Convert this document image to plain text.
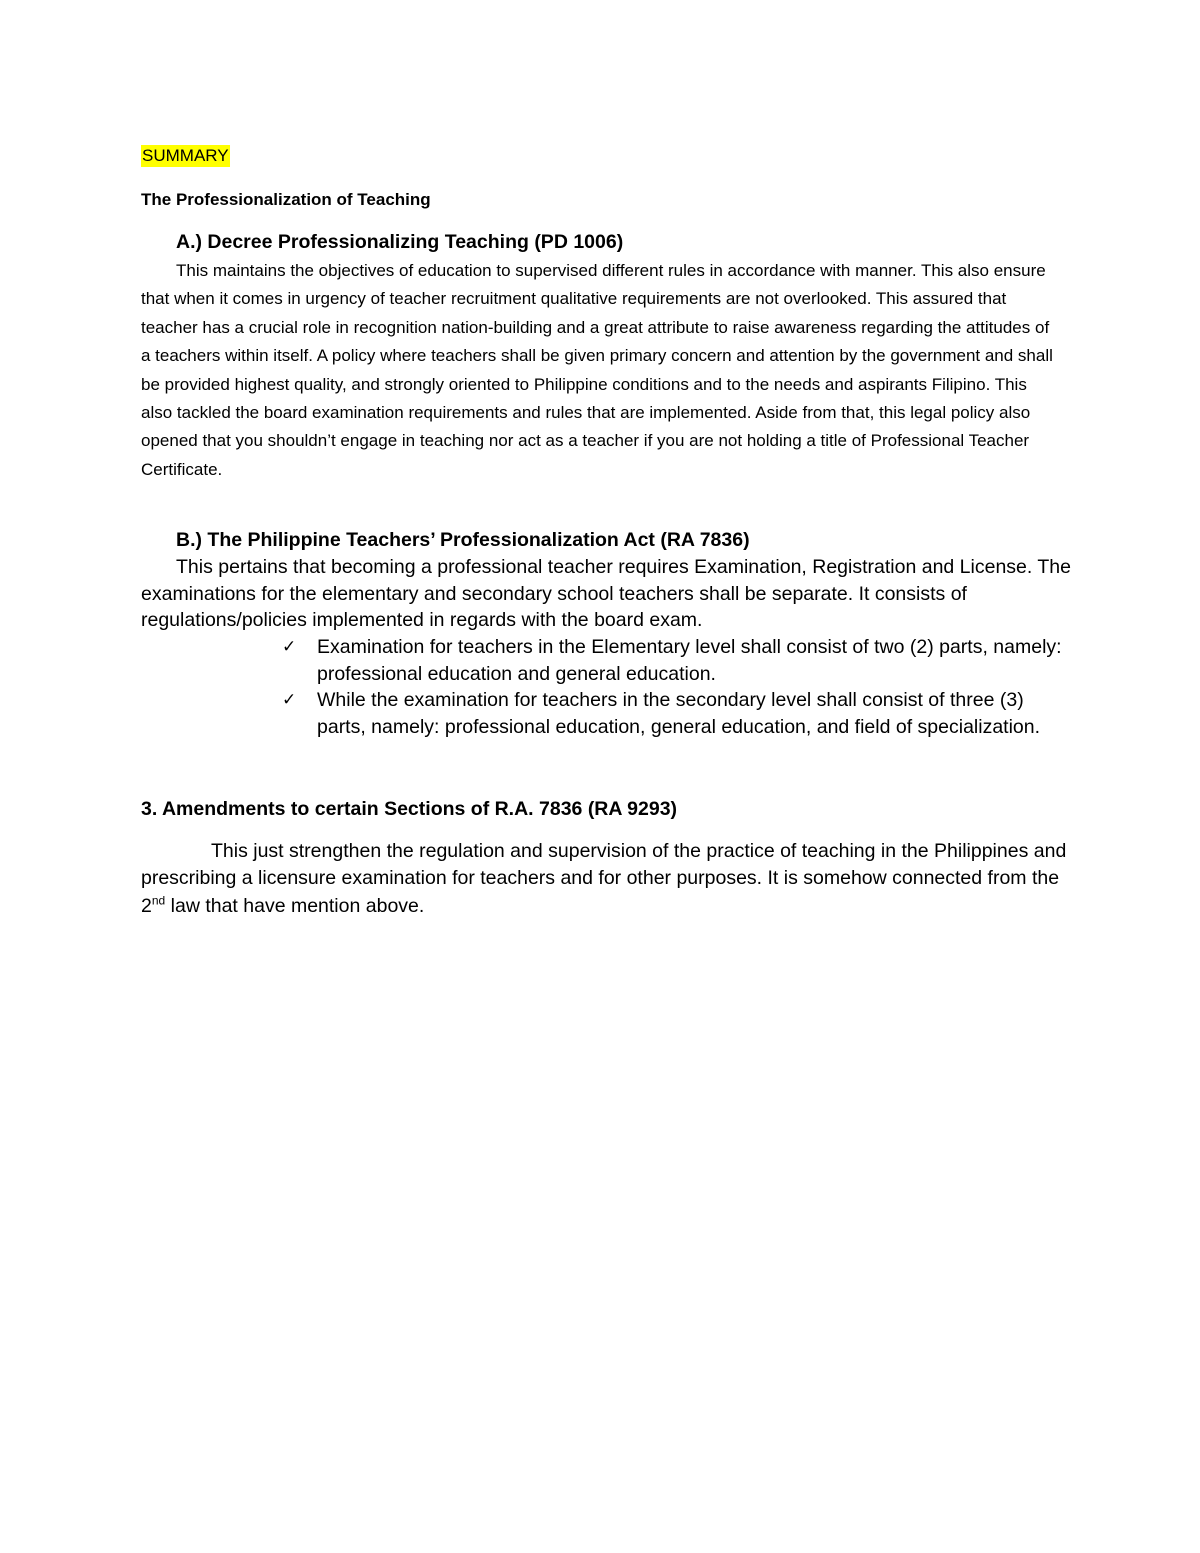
SUMMARY
The Professionalization of Teaching
A.) Decree Professionalizing Teaching (PD 1006)

This maintains the objectives of education to supervised different rules in accordance with manner. This also ensure that when it comes in urgency of teacher recruitment qualitative requirements are not overlooked. This assured that teacher has a crucial role in recognition nation-building and a great attribute to raise awareness regarding the attitudes of a teachers within itself. A policy where teachers shall be given primary concern and attention by the government and shall be provided highest quality, and strongly oriented to Philippine conditions and to the needs and aspirants Filipino. This also tackled the board examination requirements and rules that are implemented. Aside from that, this legal policy also opened that you shouldn’t engage in teaching nor act as a teacher if you are not holding a title of Professional Teacher Certificate.

B.) The Philippine Teachers’ Professionalization Act (RA 7836)

This pertains that becoming a professional teacher requires Examination, Registration and License. The examinations for the elementary and secondary school teachers shall be separate. It consists of regulations/policies implemented in regards with the board exam.

✓ Examination for teachers in the Elementary level shall consist of two (2) parts, namely: professional education and general education.
✓ While the examination for teachers in the secondary level shall consist of three (3) parts, namely: professional education, general education, and field of specialization.
3. Amendments to certain Sections of R.A. 7836 (RA 9293)

This just strengthen the regulation and supervision of the practice of teaching in the Philippines and prescribing a licensure examination for teachers and for other purposes. It is somehow connected from the 2nd law that have mention above.
